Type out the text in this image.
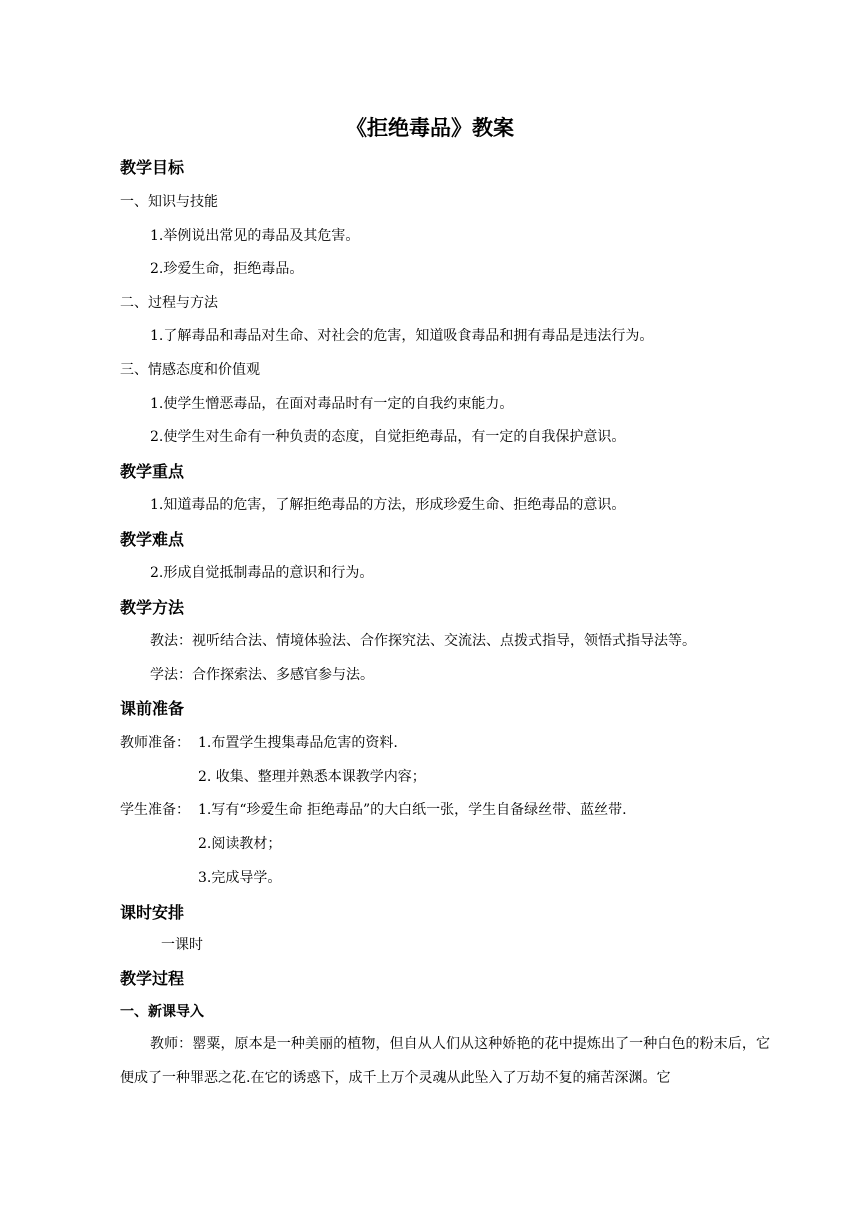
《拒绝毒品》教案
教学目标
一、知识与技能
1.举例说出常见的毒品及其危害。
2.珍爱生命，拒绝毒品。
二、过程与方法
1.了解毒品和毒品对生命、对社会的危害，知道吸食毒品和拥有毒品是违法行为。
三、情感态度和价值观
1.使学生憎恶毒品，在面对毒品时有一定的自我约束能力。
2.使学生对生命有一种负责的态度，自觉拒绝毒品，有一定的自我保护意识。
教学重点
1.知道毒品的危害，了解拒绝毒品的方法，形成珍爱生命、拒绝毒品的意识。
教学难点
2.形成自觉抵制毒品的意识和行为。
教学方法
教法：视听结合法、情境体验法、合作探究法、交流法、点拨式指导，领悟式指导法等。
学法：合作探索法、多感官参与法。
课前准备
教师准备： 1.布置学生搜集毒品危害的资料.
2. 收集、整理并熟悉本课教学内容；
学生准备： 1.写有“珍爱生命 拒绝毒品”的大白纸一张，学生自备绿丝带、蓝丝带.
2.阅读教材；
3.完成导学。
课时安排
一课时
教学过程
一、新课导入
教师：罂粟，原本是一种美丽的植物，但自从人们从这种娇艳的花中提炼出了一种白色的粉末后，它便成了一种罪恶之花.在它的诱惑下，成千上万个灵魂从此坠入了万劫不复的痛苦深渊。它
